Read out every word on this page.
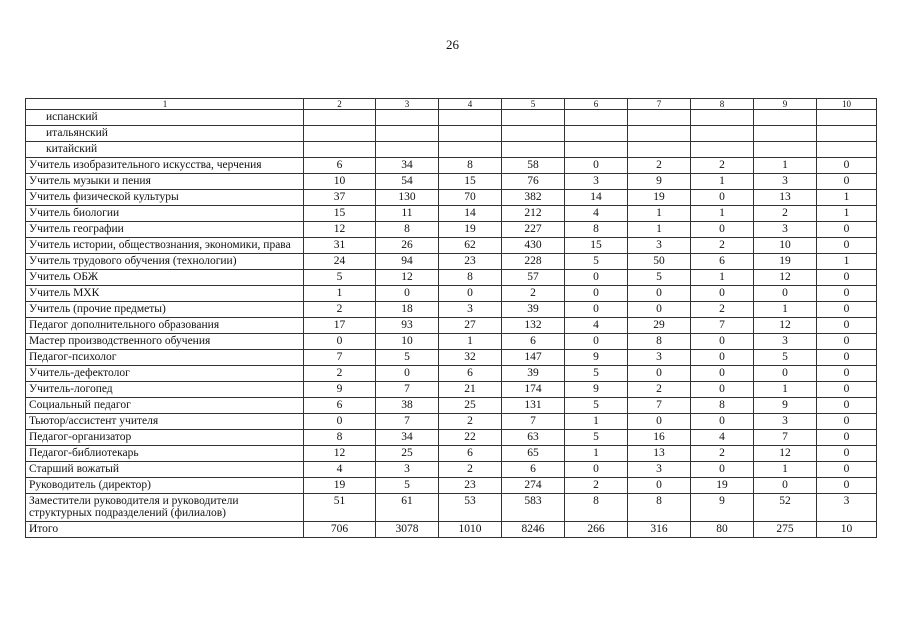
26
1	2	3	4	5	6	7	8	9	10
испанский									
итальянский									
китайский									
Учитель изобразительного искусства, черчения	6	34	8	58	0	2	2	1	0
Учитель музыки и пения	10	54	15	76	3	9	1	3	0
Учитель физической культуры	37	130	70	382	14	19	0	13	1
Учитель биологии	15	11	14	212	4	1	1	2	1
Учитель географии	12	8	19	227	8	1	0	3	0
Учитель истории, обществознания, экономики, права	31	26	62	430	15	3	2	10	0
Учитель трудового обучения (технологии)	24	94	23	228	5	50	6	19	1
Учитель ОБЖ	5	12	8	57	0	5	1	12	0
Учитель МХК	1	0	0	2	0	0	0	0	0
Учитель (прочие предметы)	2	18	3	39	0	0	2	1	0
Педагог дополнительного образования	17	93	27	132	4	29	7	12	0
Мастер производственного обучения	0	10	1	6	0	8	0	3	0
Педагог-психолог	7	5	32	147	9	3	0	5	0
Учитель-дефектолог	2	0	6	39	5	0	0	0	0
Учитель-логопед	9	7	21	174	9	2	0	1	0
Социальный педагог	6	38	25	131	5	7	8	9	0
Тьютор/ассистент учителя	0	7	2	7	1	0	0	3	0
Педагог-организатор	8	34	22	63	5	16	4	7	0
Педагог-библиотекарь	12	25	6	65	1	13	2	12	0
Старший вожатый	4	3	2	6	0	3	0	1	0
Руководитель (директор)	19	5	23	274	2	0	19	0	0
Заместители руководителя и руководители структурных подразделений (филиалов)	51	61	53	583	8	8	9	52	3
Итого	706	3078	1010	8246	266	316	80	275	10
